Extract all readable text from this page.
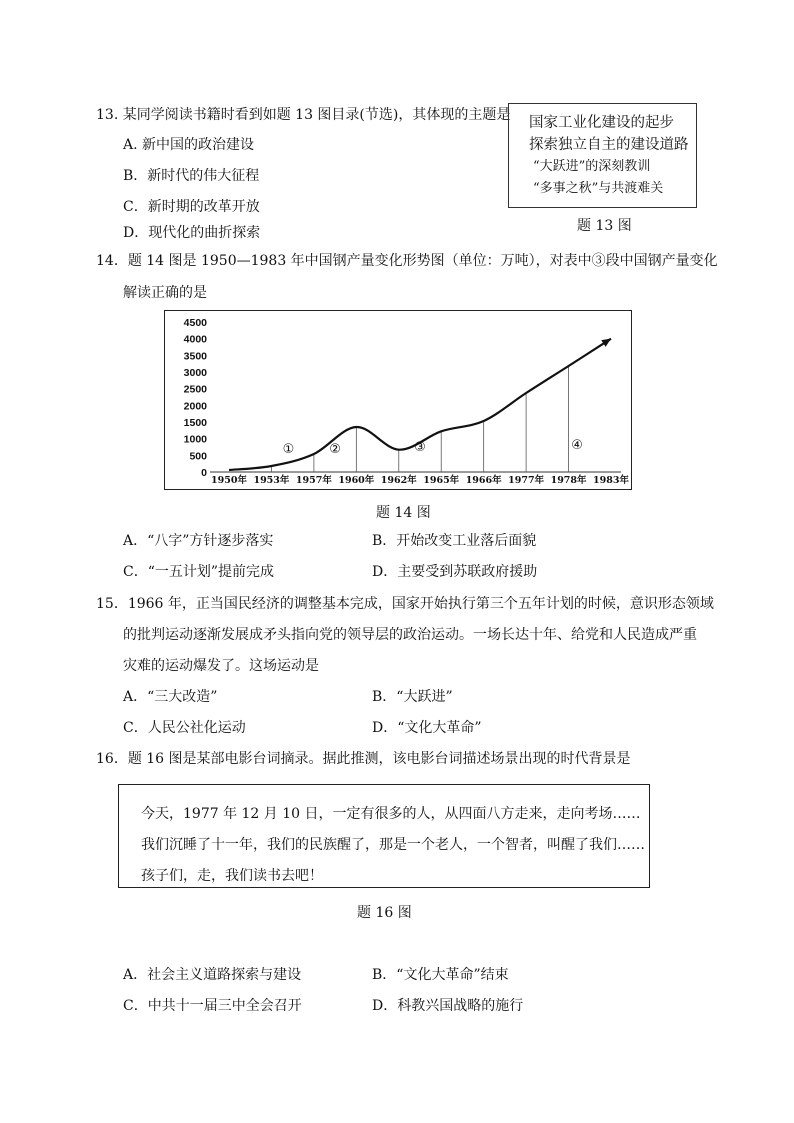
13. 某同学阅读书籍时看到如题 13 图目录(节选)，其体现的主题是
A. 新中国的政治建设
B．新时代的伟大征程
C．新时期的改革开放
D．现代化的曲折探索
国家工业化建设的起步
探索独立自主的建设道路
“大跃进”的深刻教训
“多事之秋”与共渡难关
题 13 图
14．题 14 图是 1950—1983 年中国钢产量变化形势图（单位：万吨），对表中③段中国钢产量变化
解读正确的是
0
500
1000
1500
2000
2500
3000
3500
4000
4500
1950年 1953年 1957年 1960年 1962年 1965年 1966年 1977年 1978年 1983年
①	②	③	④
题 14 图
A．“八字”方针逐步落实	B．开始改变工业落后面貌
C．“一五计划”提前完成	D．主要受到苏联政府援助
15．1966 年，正当国民经济的调整基本完成，国家开始执行第三个五年计划的时候，意识形态领域
的批判运动逐渐发展成矛头指向党的领导层的政治运动。一场长达十年、给党和人民造成严重
灾难的运动爆发了。这场运动是
A．“三大改造”	B．“大跃进”
C．人民公社化运动	D．“文化大革命”
16．题 16 图是某部电影台词摘录。据此推测，该电影台词描述场景出现的时代背景是
今天，1977 年 12 月 10 日，一定有很多的人，从四面八方走来，走向考场……
我们沉睡了十一年，我们的民族醒了，那是一个老人，一个智者，叫醒了我们……
孩子们，走，我们读书去吧！
题 16 图
A．社会主义道路探索与建设	B．“文化大革命”结束
C．中共十一届三中全会召开	D．科教兴国战略的施行
